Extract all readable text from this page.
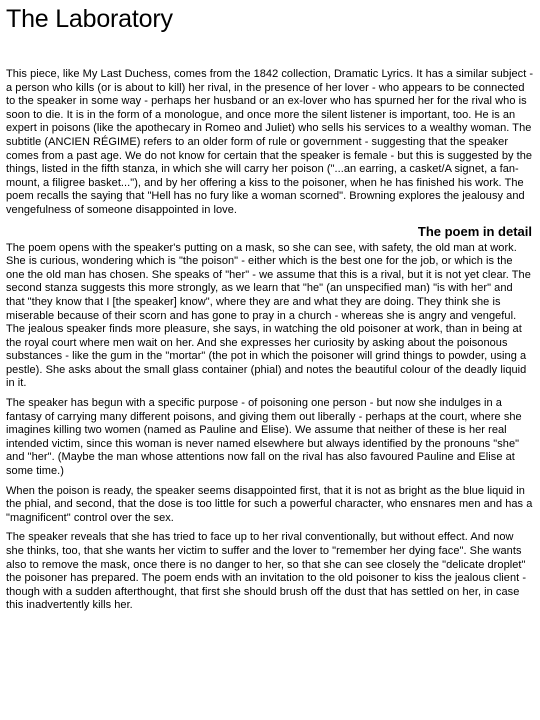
The Laboratory

This piece, like My Last Duchess, comes from the 1842 collection, Dramatic Lyrics. It has a similar subject - a person who kills (or is about to kill) her rival, in the presence of her lover - who appears to be connected to the speaker in some way - perhaps her husband or an ex-lover who has spurned her for the rival who is soon to die. It is in the form of a monologue, and once more the silent listener is important, too. He is an expert in poisons (like the apothecary in Romeo and Juliet) who sells his services to a wealthy woman. The subtitle (ANCIEN RÉGIME) refers to an older form of rule or government - suggesting that the speaker comes from a past age. We do not know for certain that the speaker is female - but this is suggested by the things, listed in the fifth stanza, in which she will carry her poison ("...an earring, a casket/A signet, a fan-mount, a filigree basket..."), and by her offering a kiss to the poisoner, when he has finished his work. The poem recalls the saying that "Hell has no fury like a woman scorned". Browning explores the jealousy and vengefulness of someone disappointed in love.

The poem in detail

The poem opens with the speaker's putting on a mask, so she can see, with safety, the old man at work. She is curious, wondering which is "the poison" - either which is the best one for the job, or which is the one the old man has chosen. She speaks of "her" - we assume that this is a rival, but it is not yet clear. The second stanza suggests this more strongly, as we learn that "he" (an unspecified man) "is with her" and that "they know that I [the speaker] know", where they are and what they are doing. They think she is miserable because of their scorn and has gone to pray in a church - whereas she is angry and vengeful. The jealous speaker finds more pleasure, she says, in watching the old poisoner at work, than in being at the royal court where men wait on her. And she expresses her curiosity by asking about the poisonous substances - like the gum in the "mortar" (the pot in which the poisoner will grind things to powder, using a pestle). She asks about the small glass container (phial) and notes the beautiful colour of the deadly liquid in it.

The speaker has begun with a specific purpose - of poisoning one person - but now she indulges in a fantasy of carrying many different poisons, and giving them out liberally - perhaps at the court, where she imagines killing two women (named as Pauline and Elise). We assume that neither of these is her real intended victim, since this woman is never named elsewhere but always identified by the pronouns "she" and "her". (Maybe the man whose attentions now fall on the rival has also favoured Pauline and Elise at some time.)

When the poison is ready, the speaker seems disappointed first, that it is not as bright as the blue liquid in the phial, and second, that the dose is too little for such a powerful character, who ensnares men and has a "magnificent" control over the sex.

The speaker reveals that she has tried to face up to her rival conventionally, but without effect. And now she thinks, too, that she wants her victim to suffer and the lover to "remember her dying face". She wants also to remove the mask, once there is no danger to her, so that she can see closely the "delicate droplet" the poisoner has prepared. The poem ends with an invitation to the old poisoner to kiss the jealous client - though with a sudden afterthought, that first she should brush off the dust that has settled on her, in case this inadvertently kills her.
